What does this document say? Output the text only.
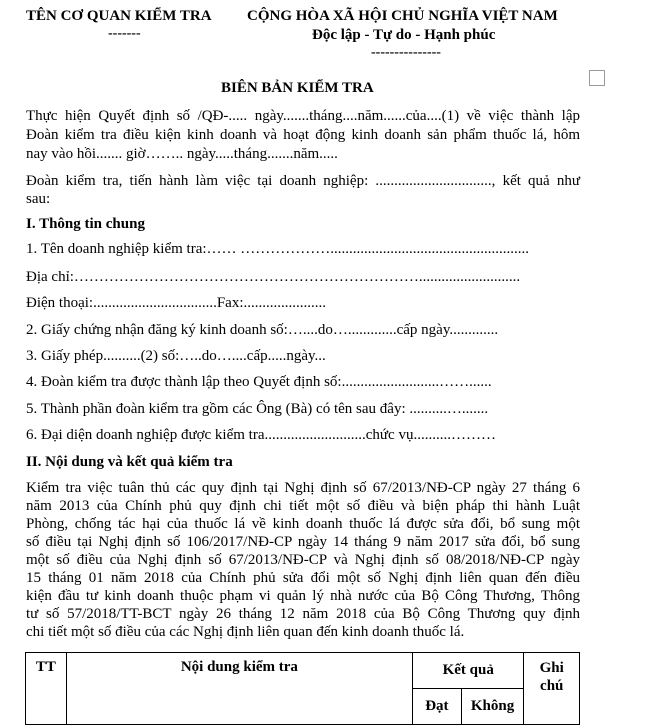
TÊN CƠ QUAN KIỂM TRA
-------
CỘNG HÒA XÃ HỘI CHỦ NGHĨA VIỆT NAM
Độc lập - Tự do - Hạnh phúc
---------------
BIÊN BẢN KIỂM TRA
Thực hiện Quyết định số /QĐ-..... ngày.......tháng....năm......của....(1) về việc thành lập
Đoàn kiểm tra điều kiện kinh doanh và hoạt động kinh doanh sản phẩm thuốc lá, hôm
nay vào hồi....... giờ…….. ngày.....tháng.......năm.....
Đoàn kiểm tra, tiến hành làm việc tại doanh nghiệp: ..............................., kết quả như
sau:
I. Thông tin chung
1. Tên doanh nghiệp kiểm tra:…… ……………….....................................................
Địa chỉ:……………………………………………………………...........................
Điện thoại:.................................Fax:......................
2. Giấy chứng nhận đăng ký kinh doanh số:…....do….............cấp ngày.............
3. Giấy phép..........(2) số:…..do…....cấp.....ngày...
4. Đoàn kiểm tra được thành lập theo Quyết định số:..........................……......
5. Thành phần đoàn kiểm tra gồm các Ông (Bà) có tên sau đây: ..........….......
6. Đại diện doanh nghiệp được kiểm tra...........................chức vụ..........………
II. Nội dung và kết quả kiểm tra
Kiểm tra việc tuân thủ các quy định tại Nghị định số 67/2013/NĐ-CP ngày 27 tháng 6
năm 2013 của Chính phủ quy định chi tiết một số điều và biện pháp thi hành Luật
Phòng, chống tác hại của thuốc lá về kinh doanh thuốc lá được sửa đổi, bổ sung một
số điều tại Nghị định số 106/2017/NĐ-CP ngày 14 tháng 9 năm 2017 sửa đổi, bổ sung
một số điều của Nghị định số 67/2013/NĐ-CP và Nghị định số 08/2018/NĐ-CP ngày
15 tháng 01 năm 2018 của Chính phủ sửa đổi một số Nghị định liên quan đến điều
kiện đầu tư kinh doanh thuộc phạm vi quản lý nhà nước của Bộ Công Thương, Thông
tư số 57/2018/TT-BCT ngày 26 tháng 12 năm 2018 của Bộ Công Thương quy định
chi tiết một số điều của các Nghị định liên quan đến kinh doanh thuốc lá.
TT	Nội dung kiểm tra	Kết quả		Ghi
chú
		Đạt	Không	
